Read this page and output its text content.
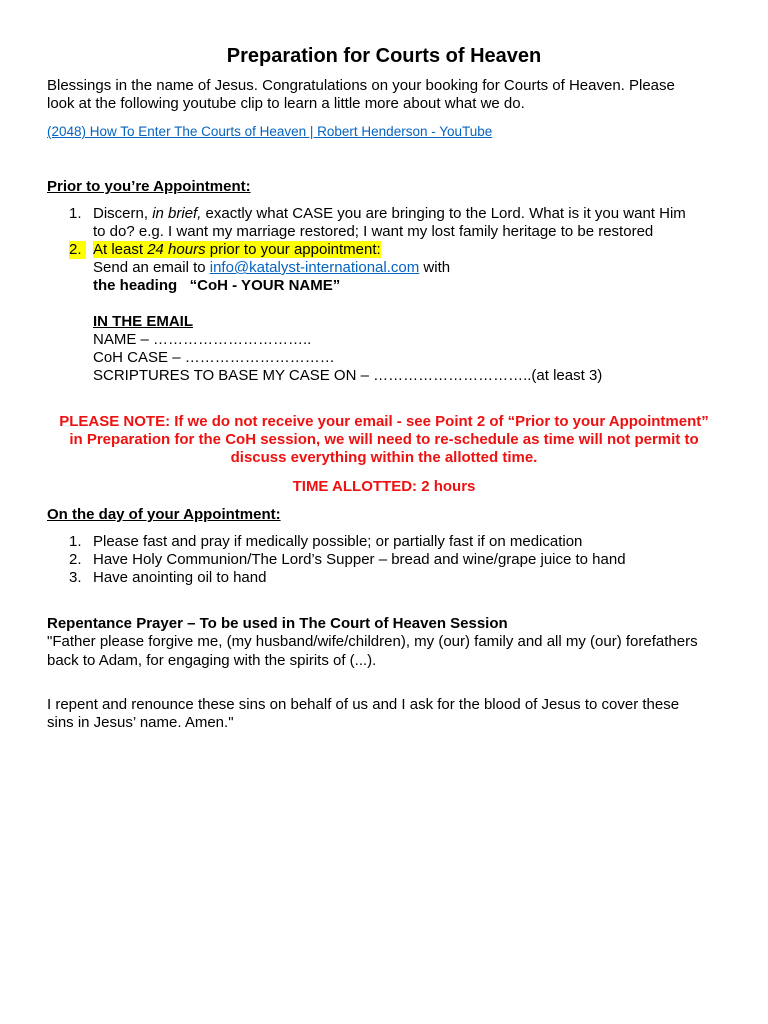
Preparation for Courts of Heaven
Blessings in the name of Jesus. Congratulations on your booking for Courts of Heaven. Please
look at the following youtube clip to learn a little more about what we do.
(2048) How To Enter The Courts of Heaven | Robert Henderson - YouTube
Prior to you’re Appointment:
1. Discern, in brief, exactly what CASE you are bringing to the Lord. What is it you want Him
to do? e.g. I want my marriage restored; I want my lost family heritage to be restored
2. At least 24 hours prior to your appointment:
Send an email to info@katalyst-international.com with
the heading   “CoH - YOUR NAME”
IN THE EMAIL
NAME – …………………………..
CoH CASE – …………………………
SCRIPTURES TO BASE MY CASE ON – …………………………..(at least 3)
PLEASE NOTE: If we do not receive your email - see Point 2 of “Prior to your Appointment”
in Preparation for the CoH session, we will need to re-schedule as time will not permit to
discuss everything within the allotted time.
TIME ALLOTTED: 2 hours
On the day of your Appointment:
1. Please fast and pray if medically possible; or partially fast if on medication
2. Have Holy Communion/The Lord’s Supper – bread and wine/grape juice to hand
3. Have anointing oil to hand
Repentance Prayer – To be used in The Court of Heaven Session
"Father please forgive me, (my husband/wife/children), my (our) family and all my (our) forefathers
back to Adam, for engaging with the spirits of (...).
I repent and renounce these sins on behalf of us and I ask for the blood of Jesus to cover these
sins in Jesus’ name. Amen."
